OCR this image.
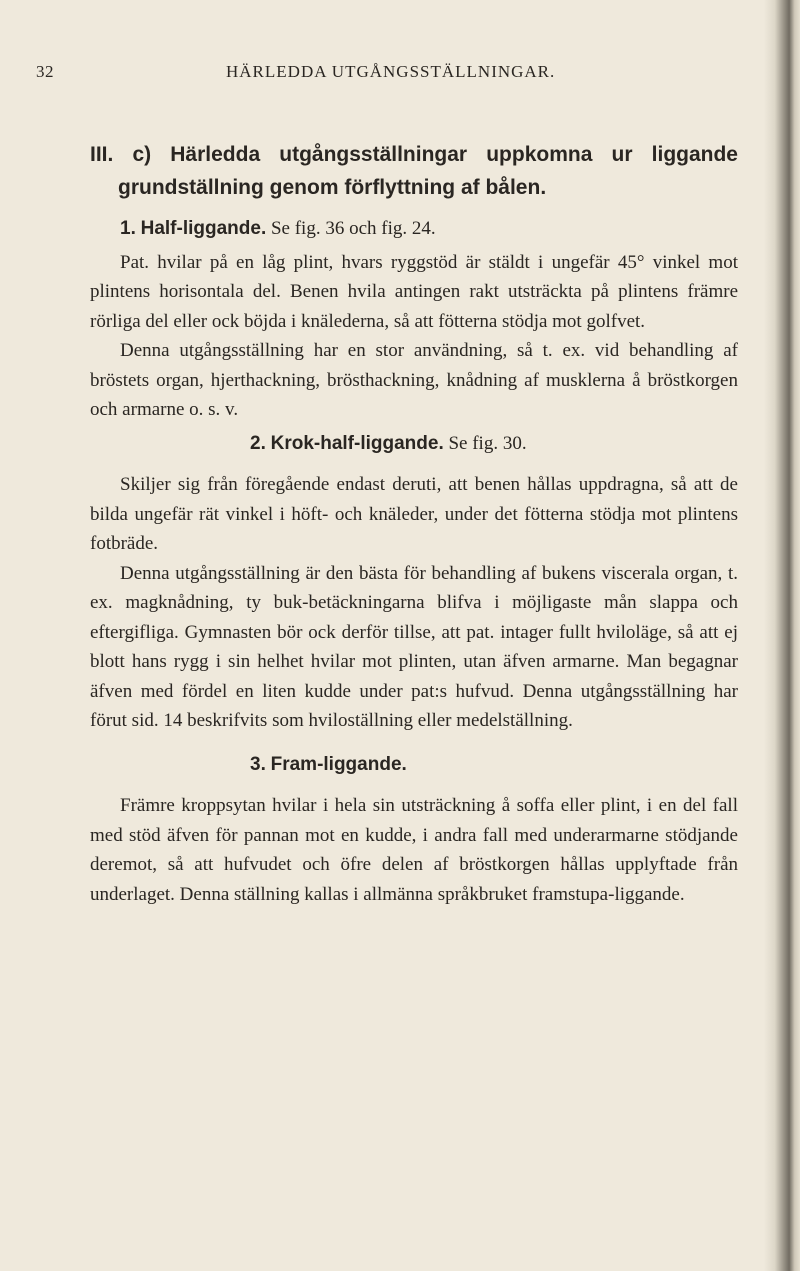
32	HÄRLEDDA UTGÅNGSSTÄLLNINGAR.
III. c) Härledda utgångsställningar uppkomna ur liggande grundställning genom förflyttning af bålen.
1. Half-liggande. Se fig. 36 och fig. 24.

Pat. hvilar på en låg plint, hvars ryggstöd är stäldt i ungefär 45° vinkel mot plintens horisontala del. Benen hvila antingen rakt utsträckta på plintens främre rörliga del eller ock böjda i knälederna, så att fötterna stödja mot golfvet.

Denna utgångsställning har en stor användning, så t. ex. vid behandling af bröstets organ, hjerthackning, brösthackning, knådning af musklerna å bröstkorgen och armarne o. s. v.

2. Krok-half-liggande. Se fig. 30.

Skiljer sig från föregående endast deruti, att benen hållas uppdragna, så att de bilda ungefär rät vinkel i höft- och knäleder, under det fötterna stödja mot plintens fotbräde.

Denna utgångsställning är den bästa för behandling af bukens viscerala organ, t. ex. magknådning, ty buk-betäckningarna blifva i möjligaste mån slappa och eftergifliga. Gymnasten bör ock derför tillse, att pat. intager fullt hviloläge, så att ej blott hans rygg i sin helhet hvilar mot plinten, utan äfven armarne. Man begagnar äfven med fördel en liten kudde under pat:s hufvud. Denna utgångsställning har förut sid. 14 beskrifvits som hviloställning eller medelställning.

3. Fram-liggande.

Främre kroppsytan hvilar i hela sin utsträckning å soffa eller plint, i en del fall med stöd äfven för pannan mot en kudde, i andra fall med underarmarne stödjande deremot, så att hufvudet och öfre delen af bröstkorgen hållas upplyftade från underlaget. Denna ställning kallas i allmänna språkbruket framstupa-liggande.
